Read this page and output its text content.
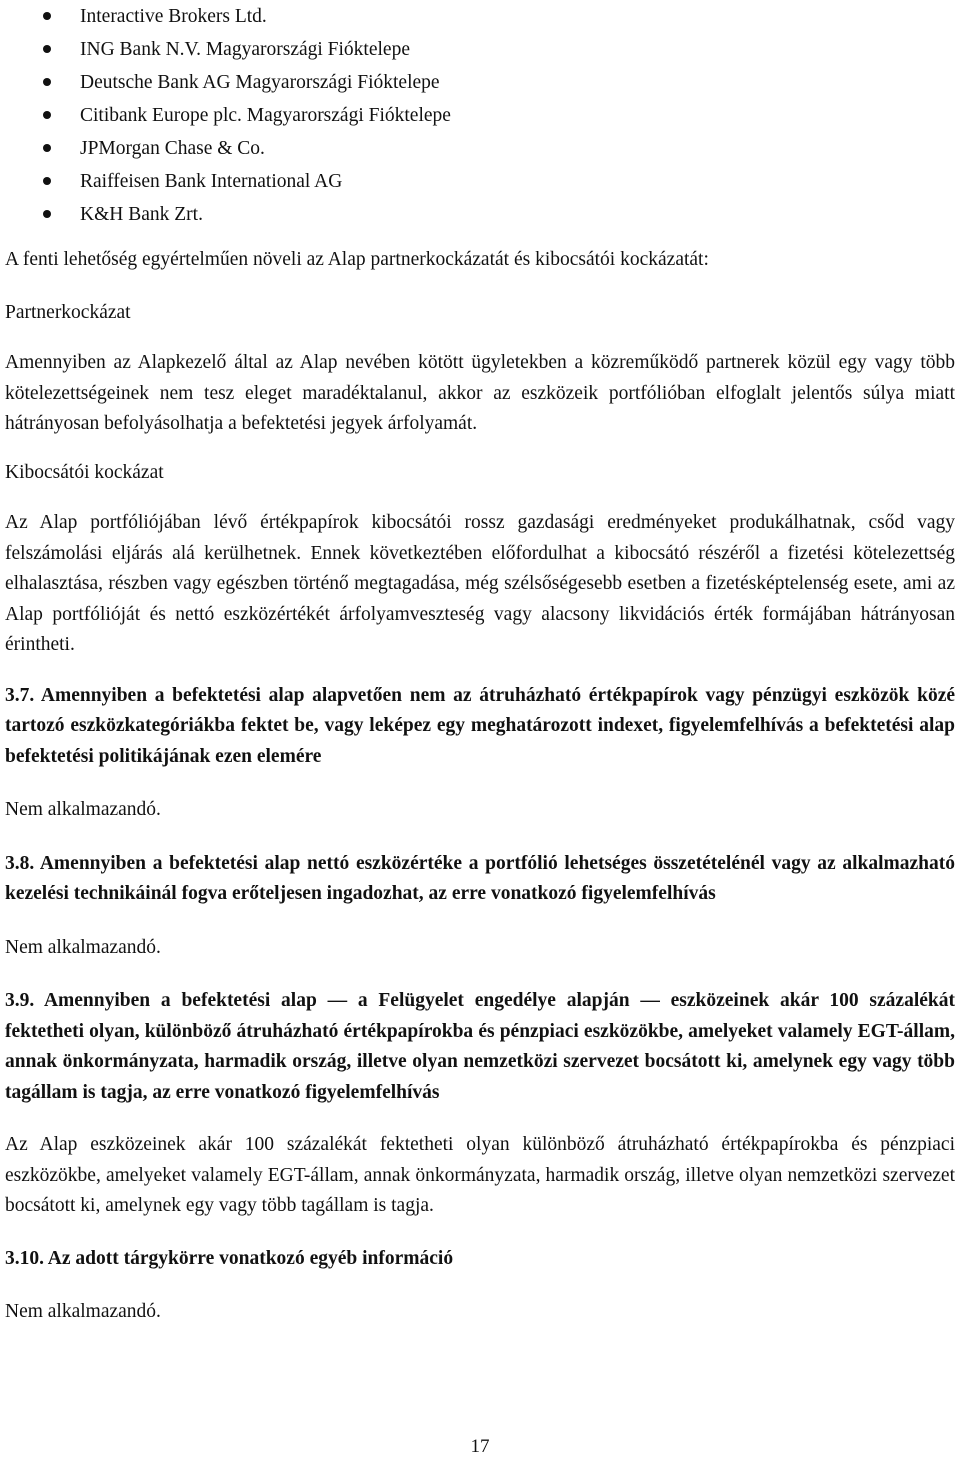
Interactive Brokers Ltd.
ING Bank N.V. Magyarországi Fióktelepe
Deutsche Bank AG Magyarországi Fióktelepe
Citibank Europe plc. Magyarországi Fióktelepe
JPMorgan Chase & Co.
Raiffeisen Bank International AG
K&H Bank Zrt.

A fenti lehetőség egyértelműen növeli az Alap partnerkockázatát és kibocsátói kockázatát:

Partnerkockázat

Amennyiben az Alapkezelő által az Alap nevében kötött ügyletekben a közreműködő partnerek közül egy vagy több kötelezettségeinek nem tesz eleget maradéktalanul, akkor az eszközeik portfólióban elfoglalt jelentős súlya miatt hátrányosan befolyásolhatja a befektetési jegyek árfolyamát.

Kibocsátói kockázat

Az Alap portfóliójában lévő értékpapírok kibocsátói rossz gazdasági eredményeket produkálhatnak, csőd vagy felszámolási eljárás alá kerülhetnek. Ennek következtében előfordulhat a kibocsátó részéről a fizetési kötelezettség elhalasztása, részben vagy egészben történő megtagadása, még szélsőségesebb esetben a fizetésképtelenség esete, ami az Alap portfólióját és nettó eszközértékét árfolyamveszteség vagy alacsony likvidációs érték formájában hátrányosan érintheti.

3.7. Amennyiben a befektetési alap alapvetően nem az átruházható értékpapírok vagy pénzügyi eszközök közé tartozó eszközkategóriákba fektet be, vagy leképez egy meghatározott indexet, figyelemfelhívás a befektetési alap befektetési politikájának ezen elemére

Nem alkalmazandó.

3.8. Amennyiben a befektetési alap nettó eszközértéke a portfólió lehetséges összetételénél vagy az alkalmazható kezelési technikáinál fogva erőteljesen ingadozhat, az erre vonatkozó figyelemfelhívás

Nem alkalmazandó.

3.9. Amennyiben a befektetési alap ― a Felügyelet engedélye alapján ― eszközeinek akár 100 százalékát fektetheti olyan, különböző átruházható értékpapírokba és pénzpiaci eszközökbe, amelyeket valamely EGT-állam, annak önkormányzata, harmadik ország, illetve olyan nemzetközi szervezet bocsátott ki, amelynek egy vagy több tagállam is tagja, az erre vonatkozó figyelemfelhívás

Az Alap eszközeinek akár 100 százalékát fektetheti olyan különböző átruházható értékpapírokba és pénzpiaci eszközökbe, amelyeket valamely EGT-állam, annak önkormányzata, harmadik ország, illetve olyan nemzetközi szervezet bocsátott ki, amelynek egy vagy több tagállam is tagja.

3.10. Az adott tárgykörre vonatkozó egyéb információ

Nem alkalmazandó.

17
